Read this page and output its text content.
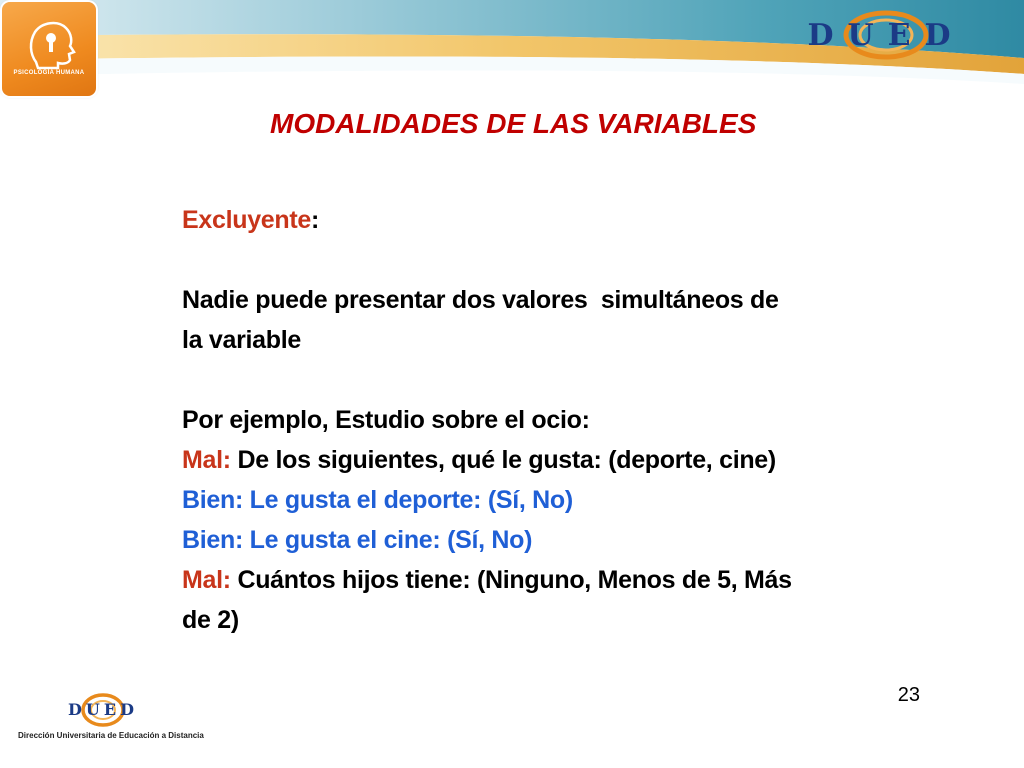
PSICOLOGÍA HUMANA
DUED
MODALIDADES DE LAS VARIABLES

Excluyente:

Nadie puede presentar dos valores  simultáneos de

la variable

Por ejemplo, Estudio sobre el ocio:

Mal: De los siguientes, qué le gusta: (deporte, cine)

Bien: Le gusta el deporte: (Sí, No)

Bien: Le gusta el cine: (Sí, No)

Mal: Cuántos hijos tiene: (Ninguno, Menos de 5, Más

de 2)

23
DUED
Dirección Universitaria de Educación a Distancia
